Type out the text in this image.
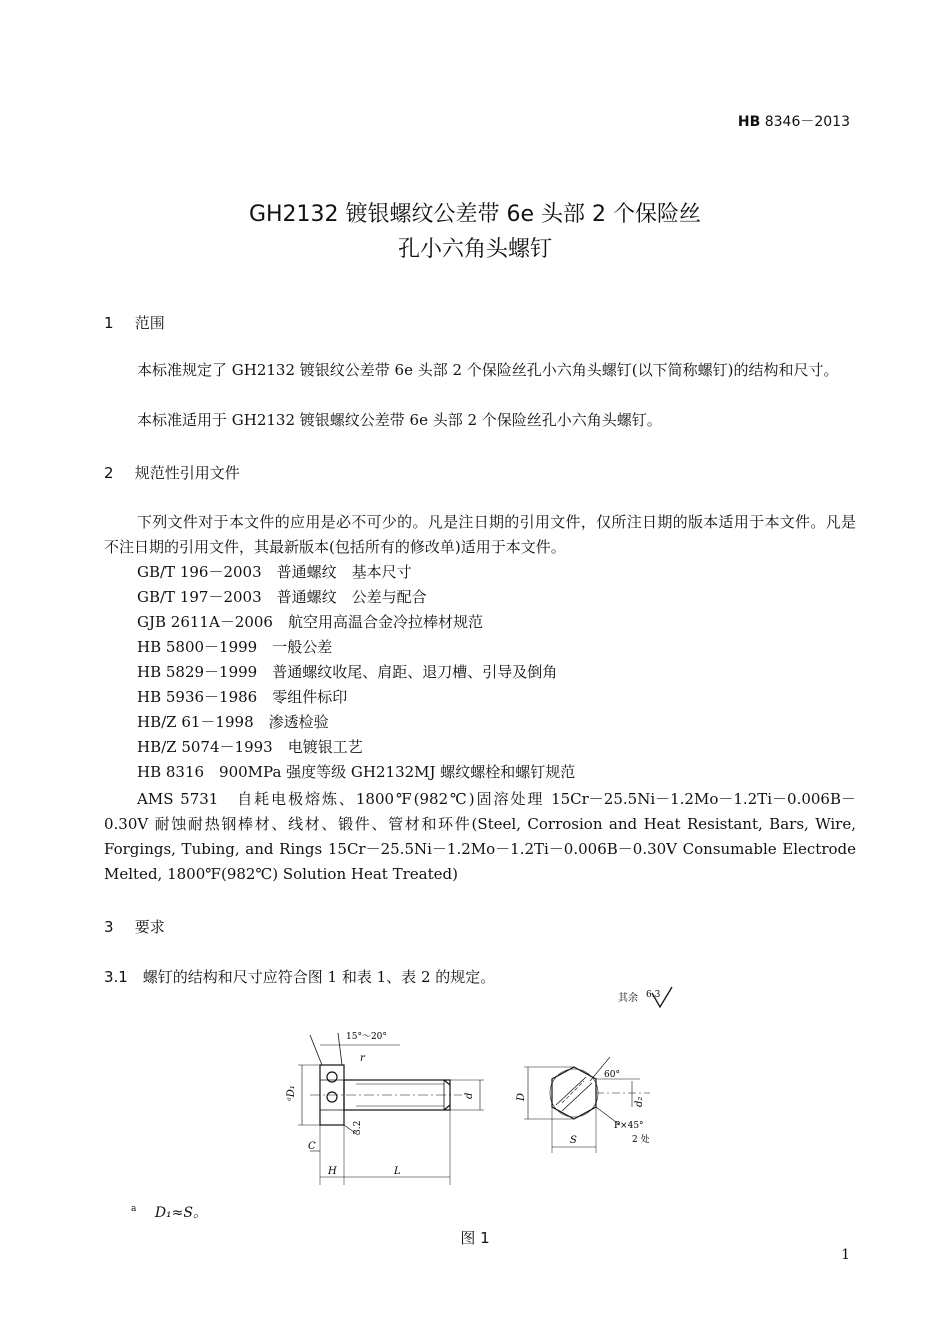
HB 8346－2013
GH2132 镀银螺纹公差带 6e 头部 2 个保险丝
孔小六角头螺钉
1 范围
本标准规定了 GH2132 镀银纹公差带 6e 头部 2 个保险丝孔小六角头螺钉(以下简称螺钉)的结构和尺寸。
本标准适用于 GH2132 镀银螺纹公差带 6e 头部 2 个保险丝孔小六角头螺钉。
2 规范性引用文件
下列文件对于本文件的应用是必不可少的。凡是注日期的引用文件，仅所注日期的版本适用于本文件。凡是不注日期的引用文件，其最新版本(包括所有的修改单)适用于本文件。
GB/T 196－2003　普通螺纹　基本尺寸
GB/T 197－2003　普通螺纹　公差与配合
GJB 2611A－2006　航空用高温合金冷拉棒材规范
HB 5800－1999　一般公差
HB 5829－1999　普通螺纹收尾、肩距、退刀槽、引导及倒角
HB 5936－1986　零组件标印
HB/Z 61－1998　渗透检验
HB/Z 5074－1993　电镀银工艺
HB 8316　900MPa 强度等级 GH2132MJ 螺纹螺栓和螺钉规范
AMS 5731　自耗电极熔炼、1800℉(982℃)固溶处理 15Cr－25.5Ni－1.2Mo－1.2Ti－0.006B－0.30V 耐蚀耐热钢棒材、线材、锻件、管材和环件(Steel, Corrosion and Heat Resistant, Bars, Wire, Forgings, Tubing, and Rings 15Cr－25.5Ni－1.2Mo－1.2Ti－0.006B－0.30V Consumable Electrode Melted, 1800℉(982℃) Solution Heat Treated)
3 要求
3.1 螺钉的结构和尺寸应符合图 1 和表 1、表 2 的规定。
其余 6.3
15°～20°
r
ᵃD₁	d
3.2
C
H	L
60°
d₂
D
P×45°
2 处
S
$^a$ D₁≈S。
图 1
1
